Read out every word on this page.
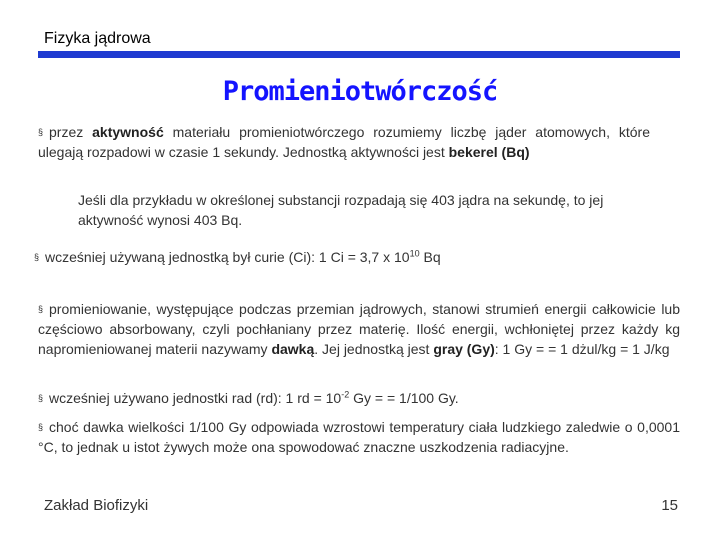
Fizyka jądrowa
Promieniotwórczość
§ przez aktywność materiału promieniotwórczego rozumiemy liczbę jąder atomowych, które ulegają rozpadowi w czasie 1 sekundy. Jednostką aktywności jest bekerel (Bq)
Jeśli dla przykładu w określonej substancji rozpadają się 403 jądra na sekundę, to jej aktywność wynosi 403 Bq.
§ wcześniej używaną jednostką był curie (Ci): 1 Ci = 3,7 x $10^{10}$ Bq
§ promieniowanie, występujące podczas przemian jądrowych, stanowi strumień energii całkowicie lub częściowo absorbowany, czyli pochłaniany przez materię. Ilość energii, wchłoniętej przez każdy kg napromieniowanej materii nazywamy dawką. Jej jednostką jest gray (Gy): 1 Gy = = 1 dżul/kg = 1 J/kg
§ wcześniej używano jednostki rad (rd): 1 rd = $10^{-2}$ Gy = = 1/100 Gy.
§ choć dawka wielkości 1/100 Gy odpowiada wzrostowi temperatury ciała ludzkiego zaledwie o 0,0001 °C, to jednak u istot żywych może ona spowodować znaczne uszkodzenia radiacyjne.
Zakład Biofizyki	15
